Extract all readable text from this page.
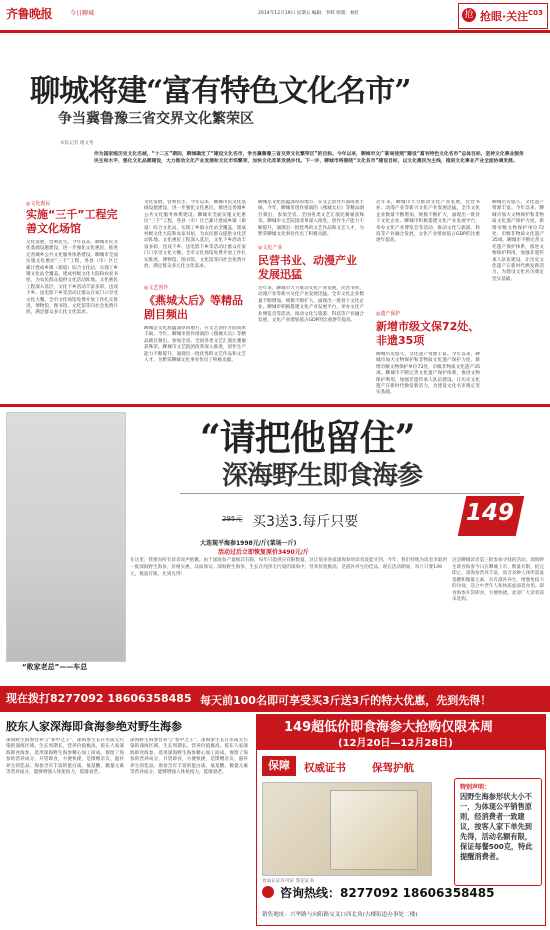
齐鲁晚报	今日聊城	2014年12月19日 星期五 编辑：李辉 组版：杨红	抢 抢眼·关注 C03
聊城将建“富有特色文化名市”
争当冀鲁豫三省交界文化繁荣区
本报记者 谢文秀
作为国家级历史文化名城，“十二五”期间，聊城确定了“建设文化名市，争当冀鲁豫三省交界文化繁荣区”的目标。今年以来，聊城市文广新局按照“建设“富有特色文化名市”总体目标，坚持文化事业服务民生和水平，强化文化品牌建设，大力推动文化产业发展和文化市场繁荣，加快文化改革发展步伐。下一步，聊城市将围绕“文化名市”建设目标，以文化惠民为主线，推进文化事业产业全面协调发展。
◎文化惠民
实施“三千”工程完善文化场馆
文化发展，营利民生。今年以来，聊城市民文化基础设施建设，进一步强化文化惠民，推进完善城乡公共文化服务体系建设。聊城市全面实施文化惠民“三千”工程，各县（市）区已累计建成乡镇（街道）综合文化站，实现了乡镇文化站全覆盖。建成村级文化大院和农家书屋，为农民群众提供文化活动阵地。文化惠民工程深入基层，文化下乡活动丰富多彩，送戏下乡、送电影下乡等活动让群众在家门口享受文化大餐。全市文化场馆免费开放工作扎实推进，博物馆、图书馆、文化馆等向社会免费开放，满足群众多元化文化需求。
◎文艺创作
《燕城太后》等精品剧目频出
文化发展，营利民生。今年以来，聊城市民文化基础设施建设，进一步强化文化惠民，推进完善城乡公共文化服务体系建设。聊城市全面实施文化惠民“三千”工程，各县（市）区已累计建成乡镇（街道）综合文化站，实现了乡镇文化站全覆盖。建成村级文化大院和农家书屋，为农民群众提供文化活动阵地。文化惠民工程深入基层，文化下乡活动丰富多彩，送戏下乡、送电影下乡等活动让群众在家门口享受文化大餐。全市文化场馆免费开放工作扎实推进，博物馆、图书馆、文化馆等向社会免费开放，满足群众多元化文化需求。
聊城是文化底蕴深厚的地方，在文艺创作方面成果丰硕。今年，聊城市创作排演的《燕城太后》等精品剧目频出，参加全省、全国各类文艺汇演比赛屡获殊荣。聊城市文艺院团改革深入推进，创作生产能力不断提升，涌现出一批优秀的文艺作品和文艺人才，为繁荣聊城文化事业作出了积极贡献。
◎文化产业
民营书业、动漫产业发展迅猛
聊城是文化底蕴深厚的地方，在文艺创作方面成果丰硕。今年，聊城市创作排演的《燕城太后》等精品剧目频出，参加全省、全国各类文艺汇演比赛屡获殊荣。聊城市文艺院团改革深入推进，创作生产能力不断提升，涌现出一批优秀的文艺作品和文艺人才，为繁荣聊城文化事业作出了积极贡献。
近年来，聊城市大力推动文化产业发展，民营书业、动漫产业等新兴文化产业发展迅猛。全市文化企业数量不断增加，规模不断扩大，涌现出一批骨干文化企业。聊城市积极搭建文化产业发展平台，举办文化产业博览会等活动，推动文化与旅游、科技等产业融合发展，文化产业增加值占GDP的比重逐年提高。
◎遗产保护
新增市级文保72处、非遗35项
近年来，聊城市大力推动文化产业发展，民营书业、动漫产业等新兴文化产业发展迅猛。全市文化企业数量不断增加，规模不断扩大，涌现出一批骨干文化企业。聊城市积极搭建文化产业发展平台，举办文化产业博览会等活动，推动文化与旅游、科技等产业融合发展，文化产业增加值占GDP的比重逐年提高。
聊城历史悠久，文化遗产资源丰富。今年以来，聊城市加大文物保护和非物质文化遗产保护力度，新增市级文物保护单位72处、市级非物质文化遗产35项。聊城市不断完善文化遗产保护体系，推进文物保护利用，加强非遗传承人队伍建设，让历史文化遗产在新时代焕发新活力，为建设文化名市奠定坚实基础。
聊城历史悠久，文化遗产资源丰富。今年以来，聊城市加大文物保护和非物质文化遗产保护力度，新增市级文物保护单位72处、市级非物质文化遗产35项。聊城市不断完善文化遗产保护体系，推进文物保护利用，加强非遗传承人队伍建设，让历史文化遗产在新时代焕发新活力，为建设文化名市奠定坚实基础。
“请把他留住”
深海野生即食海参
295元 买3送3.每斤只要	149
大连现平海参1998元/斤(菜场一斤)
活动过后立即恢复原价3490元/斤
在这里，我要向所有读者说声抱歉。由于深海参产量极其有限，每年只能供应有限数量，这让很多喜爱深海参的读者没能买到。今年，我们特地为读者争取到一批深海野生海参，价格实惠，品质保证。深海野生海参，生长在纯净无污染的深海中，营养价值极高，是滋补养生的佳品。现在活动期间，每斤只要149元，数量有限，先到先得！
这是聊城读者第三批参加寻找的活动，深海野生即食海参今日在聊城上市，数量有限，抢完即止。深海参营养丰富，富含多种人体所需氨基酸和微量元素，具有滋补养生、增强免疫力的功效，适合中老年人和体质虚弱者食用。即食海参开袋即食，方便快捷。欢迎广大读者前来选购。
“败家老总”——车总
现在拨打8277092 18606358485 每天前100名即可享受买3斤送3斤的特大优惠，先到先得！
胶东人家深海即食海参绝对野生海参
深海野生海参营养与“参中之王”，深海参生长在水质无污染的深海区域，生长周期长，营养价值极高。胶东人家深海即食海参，选用深海野生海参精心加工而成，保留了海参的营养成分，开袋即食，方便快捷，是馈赠亲友、滋补养生的佳品。海参含有丰富的蛋白质、氨基酸、微量元素等营养成分，能够增强人体免疫力，延缓衰老。
深海野生海参营养与“参中之王”，深海参生长在水质无污染的深海区域，生长周期长，营养价值极高。胶东人家深海即食海参，选用深海野生海参精心加工而成，保留了海参的营养成分，开袋即食，方便快捷，是馈赠亲友、滋补养生的佳品。海参含有丰富的蛋白质、氨基酸、微量元素等营养成分，能够增强人体免疫力，延缓衰老。
149超低价即食海参大抢购仅限本周
(12月20日—12月28日)
保障	权威证书 保驾护航
特别声明：
因野生海参形状大小不一，为体现公平销售原则，经消费者一致建议，按客人家下单先到先得，活动名额有限，保证每餐500克，特此提醒消费者。
食品认证许可证 鉴定证书
咨询热线：8277092 18606358485
销售地址：兴华路与向阳路交叉口西北角(古楼街道办事处二楼)
